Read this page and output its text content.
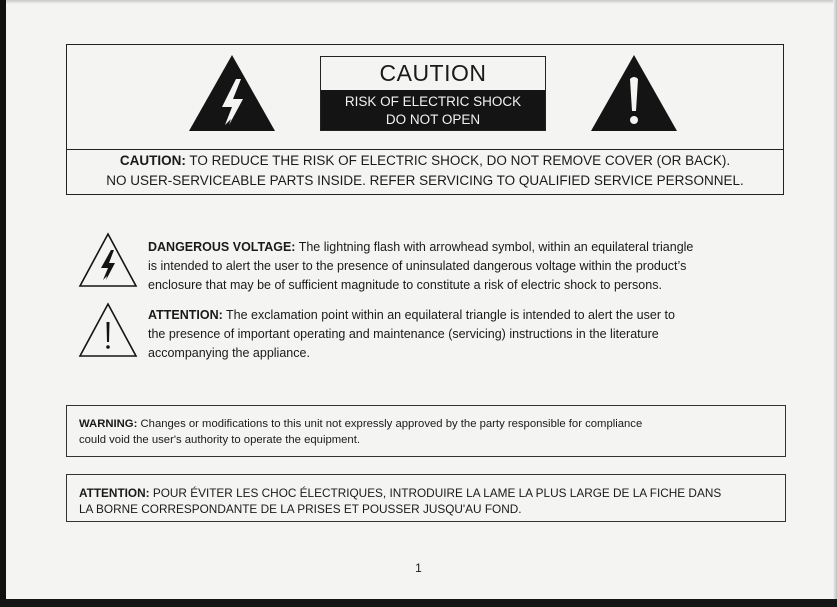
CAUTION
RISK OF ELECTRIC SHOCK
DO NOT OPEN
CAUTION: TO REDUCE THE RISK OF ELECTRIC SHOCK, DO NOT REMOVE COVER (OR BACK).
NO USER-SERVICEABLE PARTS INSIDE. REFER SERVICING TO QUALIFIED SERVICE PERSONNEL.
DANGEROUS VOLTAGE: The lightning flash with arrowhead symbol, within an equilateral triangle
is intended to alert the user to the presence of uninsulated dangerous voltage within the product’s
enclosure that may be of sufficient magnitude to constitute a risk of electric shock to persons.
ATTENTION: The exclamation point within an equilateral triangle is intended to alert the user to
the presence of important operating and maintenance (servicing) instructions in the literature
accompanying the appliance.
WARNING: Changes or modifications to this unit not expressly approved by the party responsible for compliance
could void the user's authority to operate the equipment.
ATTENTION: POUR ÉVITER LES CHOC ÉLECTRIQUES, INTRODUIRE LA LAME LA PLUS LARGE DE LA FICHE DANS
LA BORNE CORRESPONDANTE DE LA PRISES ET POUSSER JUSQU'AU FOND.
1
